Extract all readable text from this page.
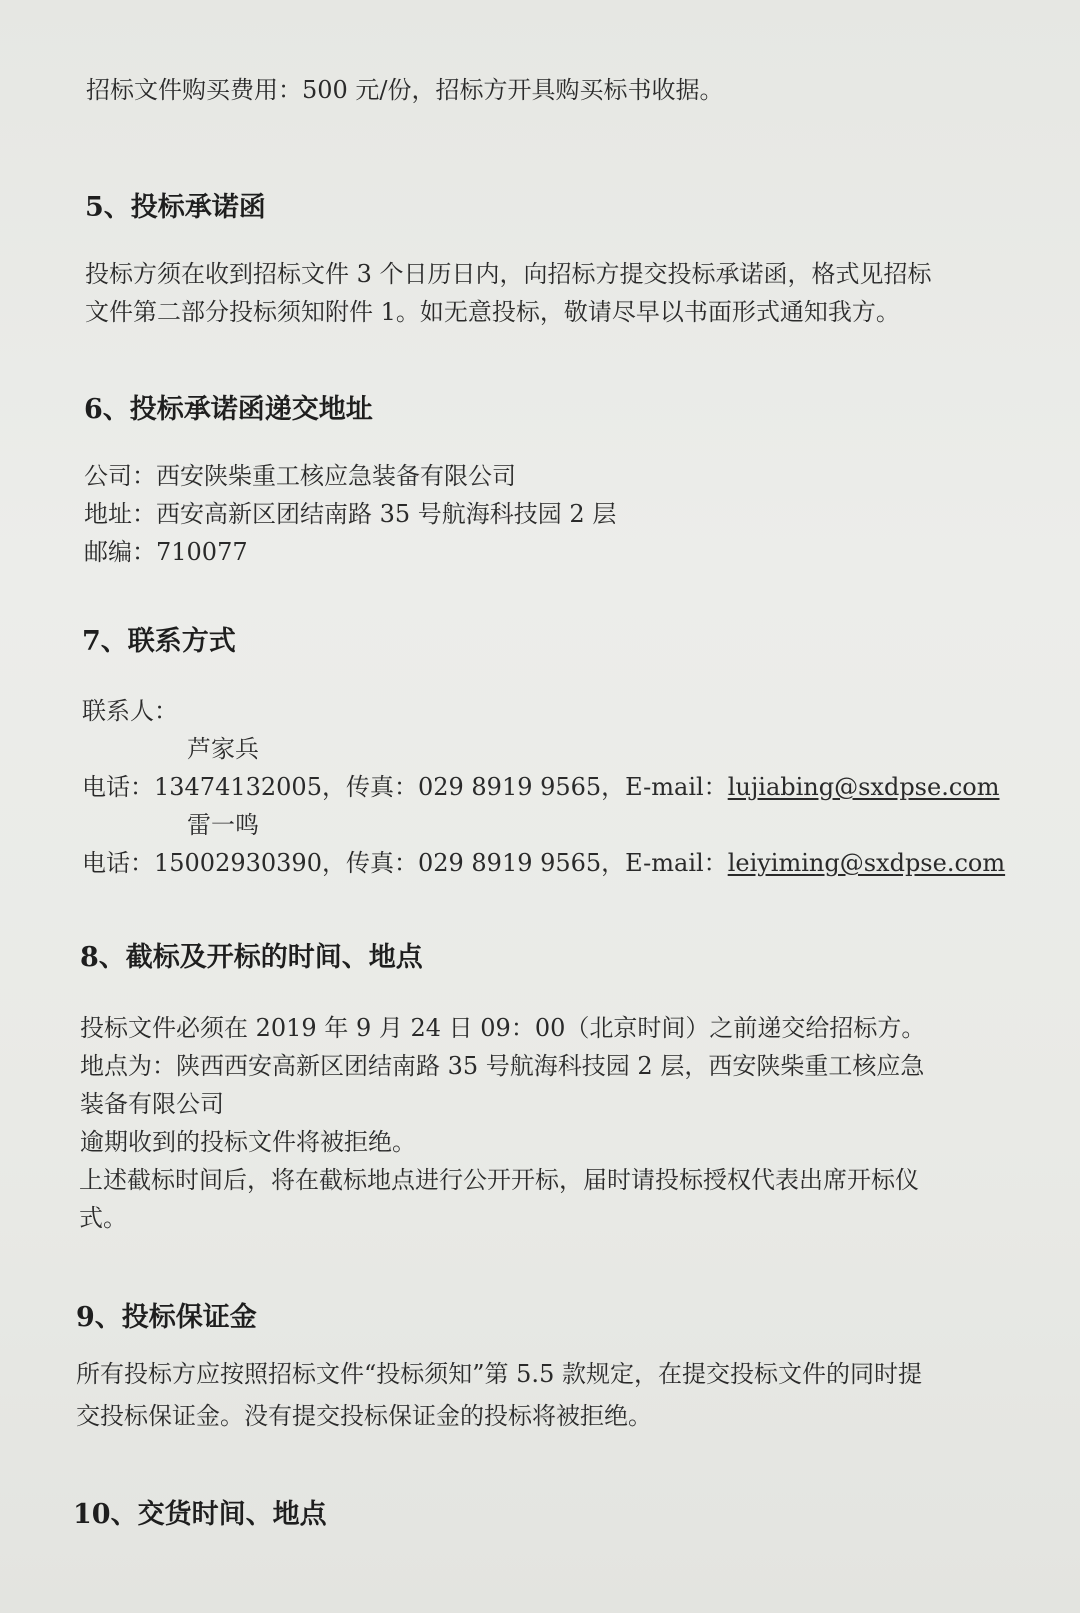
招标文件购买费用：500 元/份，招标方开具购买标书收据。
5、投标承诺函
投标方须在收到招标文件 3 个日历日内，向招标方提交投标承诺函，格式见招标
文件第二部分投标须知附件 1。如无意投标，敬请尽早以书面形式通知我方。
6、投标承诺函递交地址
公司：西安陕柴重工核应急装备有限公司
地址：西安高新区团结南路 35 号航海科技园 2 层
邮编：710077
7、联系方式
联系人：
芦家兵
电话：13474132005，传真：029 8919 9565，E-mail：lujiabing@sxdpse.com
雷一鸣
电话：15002930390，传真：029 8919 9565，E-mail：leiyiming@sxdpse.com
8、截标及开标的时间、地点
投标文件必须在 2019 年 9 月 24 日 09：00（北京时间）之前递交给招标方。
地点为：陕西西安高新区团结南路 35 号航海科技园 2 层，西安陕柴重工核应急
装备有限公司
逾期收到的投标文件将被拒绝。
上述截标时间后，将在截标地点进行公开开标，届时请投标授权代表出席开标仪
式。
9、投标保证金
所有投标方应按照招标文件“投标须知”第 5.5 款规定，在提交投标文件的同时提
交投标保证金。没有提交投标保证金的投标将被拒绝。
10、交货时间、地点
